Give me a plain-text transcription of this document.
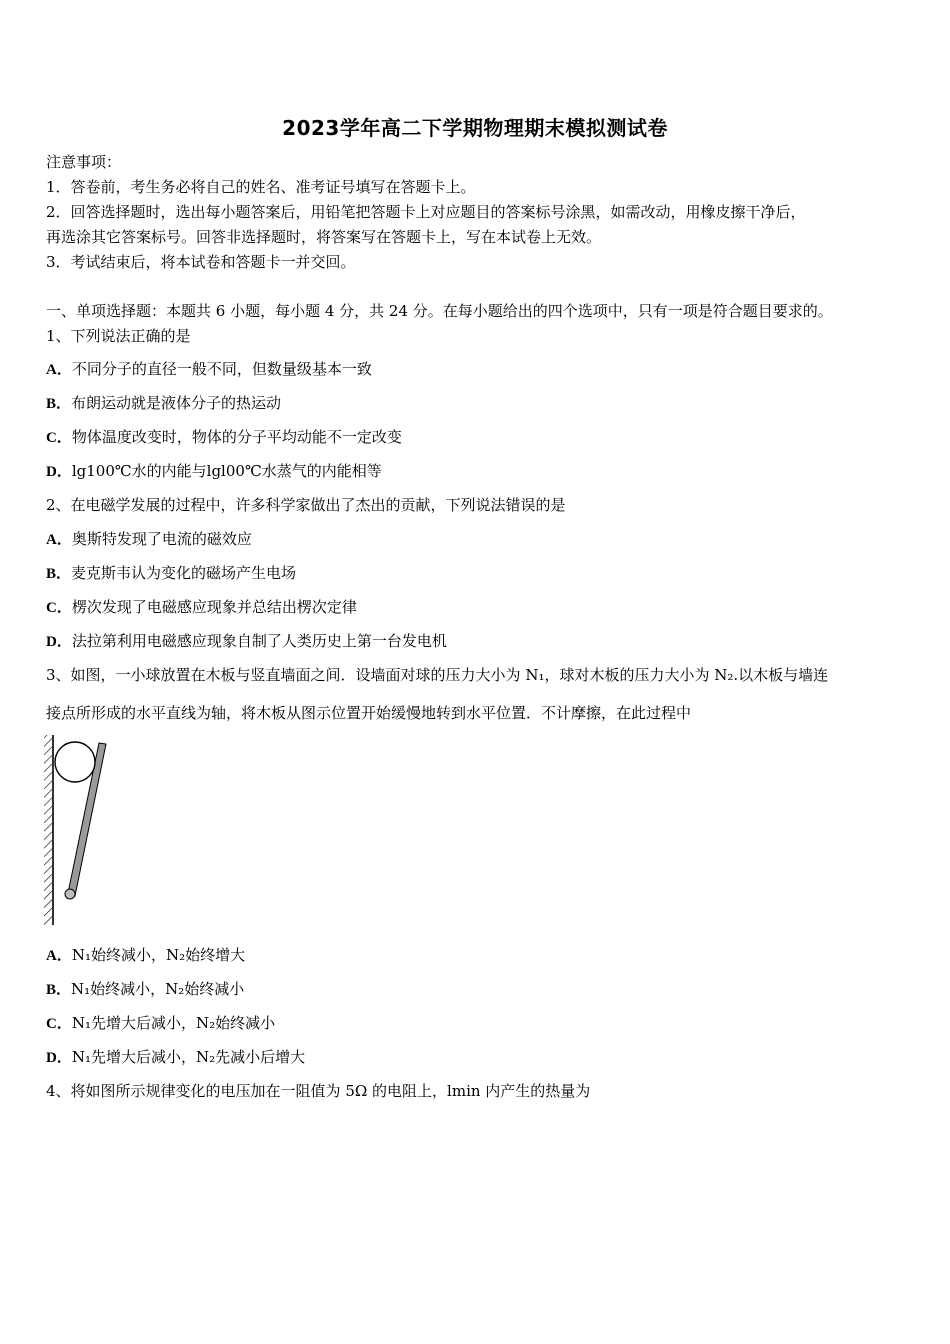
2023学年高二下学期物理期末模拟测试卷
注意事项：
1．答卷前，考生务必将自己的姓名、准考证号填写在答题卡上。
2．回答选择题时，选出每小题答案后，用铅笔把答题卡上对应题目的答案标号涂黑，如需改动，用橡皮擦干净后，
再选涂其它答案标号。回答非选择题时，将答案写在答题卡上，写在本试卷上无效。
3．考试结束后，将本试卷和答题卡一并交回。
一、单项选择题：本题共 6 小题，每小题 4 分，共 24 分。在每小题给出的四个选项中，只有一项是符合题目要求的。
1、下列说法正确的是
A．不同分子的直径一般不同，但数量级基本一致
B．布朗运动就是液体分子的热运动
C．物体温度改变时，物体的分子平均动能不一定改变
D．lg100℃水的内能与lgl00℃水蒸气的内能相等
2、在电磁学发展的过程中，许多科学家做出了杰出的贡献，下列说法错误的是
A．奥斯特发现了电流的磁效应
B．麦克斯韦认为变化的磁场产生电场
C．楞次发现了电磁感应现象并总结出楞次定律
D．法拉第利用电磁感应现象自制了人类历史上第一台发电机
3、如图，一小球放置在木板与竖直墙面之间．设墙面对球的压力大小为 N₁，球对木板的压力大小为 N₂.以木板与墙连
接点所形成的水平直线为轴，将木板从图示位置开始缓慢地转到水平位置．不计摩擦，在此过程中
A．N₁始终减小，N₂始终增大
B．N₁始终减小，N₂始终减小
C．N₁先增大后减小，N₂始终减小
D．N₁先增大后减小，N₂先减小后增大
4、将如图所示规律变化的电压加在一阻值为 5Ω 的电阻上，lmin 内产生的热量为
